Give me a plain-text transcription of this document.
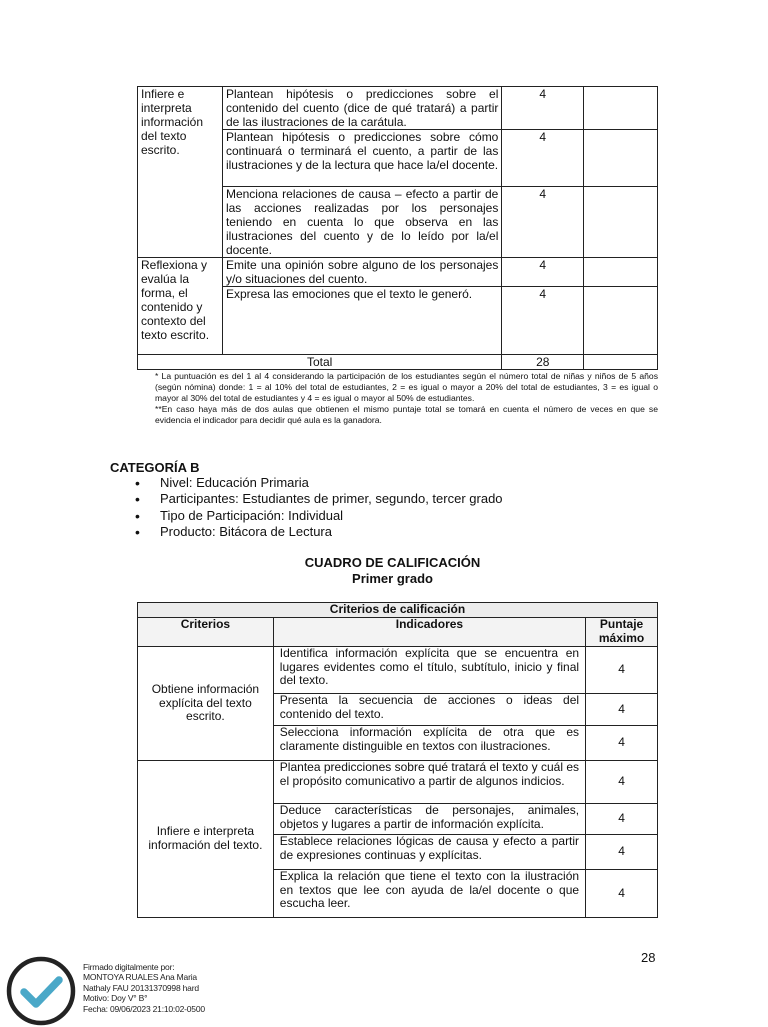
Infiere e interpreta información del texto escrito.	Plantean hipótesis o predicciones sobre el contenido del cuento (dice de qué tratará) a partir de las ilustraciones de la carátula.	4	
	Plantean hipótesis o predicciones sobre cómo continuará o terminará el cuento, a partir de las ilustraciones y de la lectura que hace la/el docente.	4	
	Menciona relaciones de causa – efecto a partir de las acciones realizadas por los personajes teniendo en cuenta lo que observa en las ilustraciones del cuento y de lo leído por la/el docente.	4	
Reflexiona y evalúa la forma, el contenido y contexto del texto escrito.	Emite una opinión sobre alguno de los personajes y/o situaciones del cuento.	4	
	Expresa las emociones que el texto le generó.	4	
Total		28	

* La puntuación es del 1 al 4 considerando la participación de los estudiantes según el número total de niñas y niños de 5 años (según nómina) donde: 1 = al 10% del total de estudiantes, 2 = es igual o mayor a 20% del total de estudiantes, 3 = es igual o mayor al 30% del total de estudiantes y 4 = es igual o mayor al 50% de estudiantes.

**En caso haya más de dos aulas que obtienen el mismo puntaje total se tomará en cuenta el número de veces en que se evidencia el indicador para decidir qué aula es la ganadora.

CATEGORÍA B
• Nivel: Educación Primaria
• Participantes: Estudiantes de primer, segundo, tercer grado
• Tipo de Participación: Individual
• Producto: Bitácora de Lectura
CUADRO DE CALIFICACIÓN
Primer grado
Criterios de calificación		
Criterios	Indicadores	Puntaje máximo
Obtiene información explícita del texto escrito.	Identifica información explícita que se encuentra en lugares evidentes como el título, subtítulo, inicio y final del texto.	4
	Presenta la secuencia de acciones o ideas del contenido del texto.	4
	Selecciona información explícita de otra que es claramente distinguible en textos con ilustraciones.	4
Infiere e interpreta información del texto.	Plantea predicciones sobre qué tratará el texto y cuál es el propósito comunicativo a partir de algunos indicios.	4
	Deduce características de personajes, animales, objetos y lugares a partir de información explícita.	4
	Establece relaciones lógicas de causa y efecto a partir de expresiones continuas y explícitas.	4
	Explica la relación que tiene el texto con la ilustración en textos que lee con ayuda de la/el docente o que escucha leer.	4
28
Firmado digitalmente por:
MONTOYA RUALES Ana Maria
Nathaly FAU 20131370998 hard
Motivo: Doy V° B°
Fecha: 09/06/2023 21:10:02-0500
